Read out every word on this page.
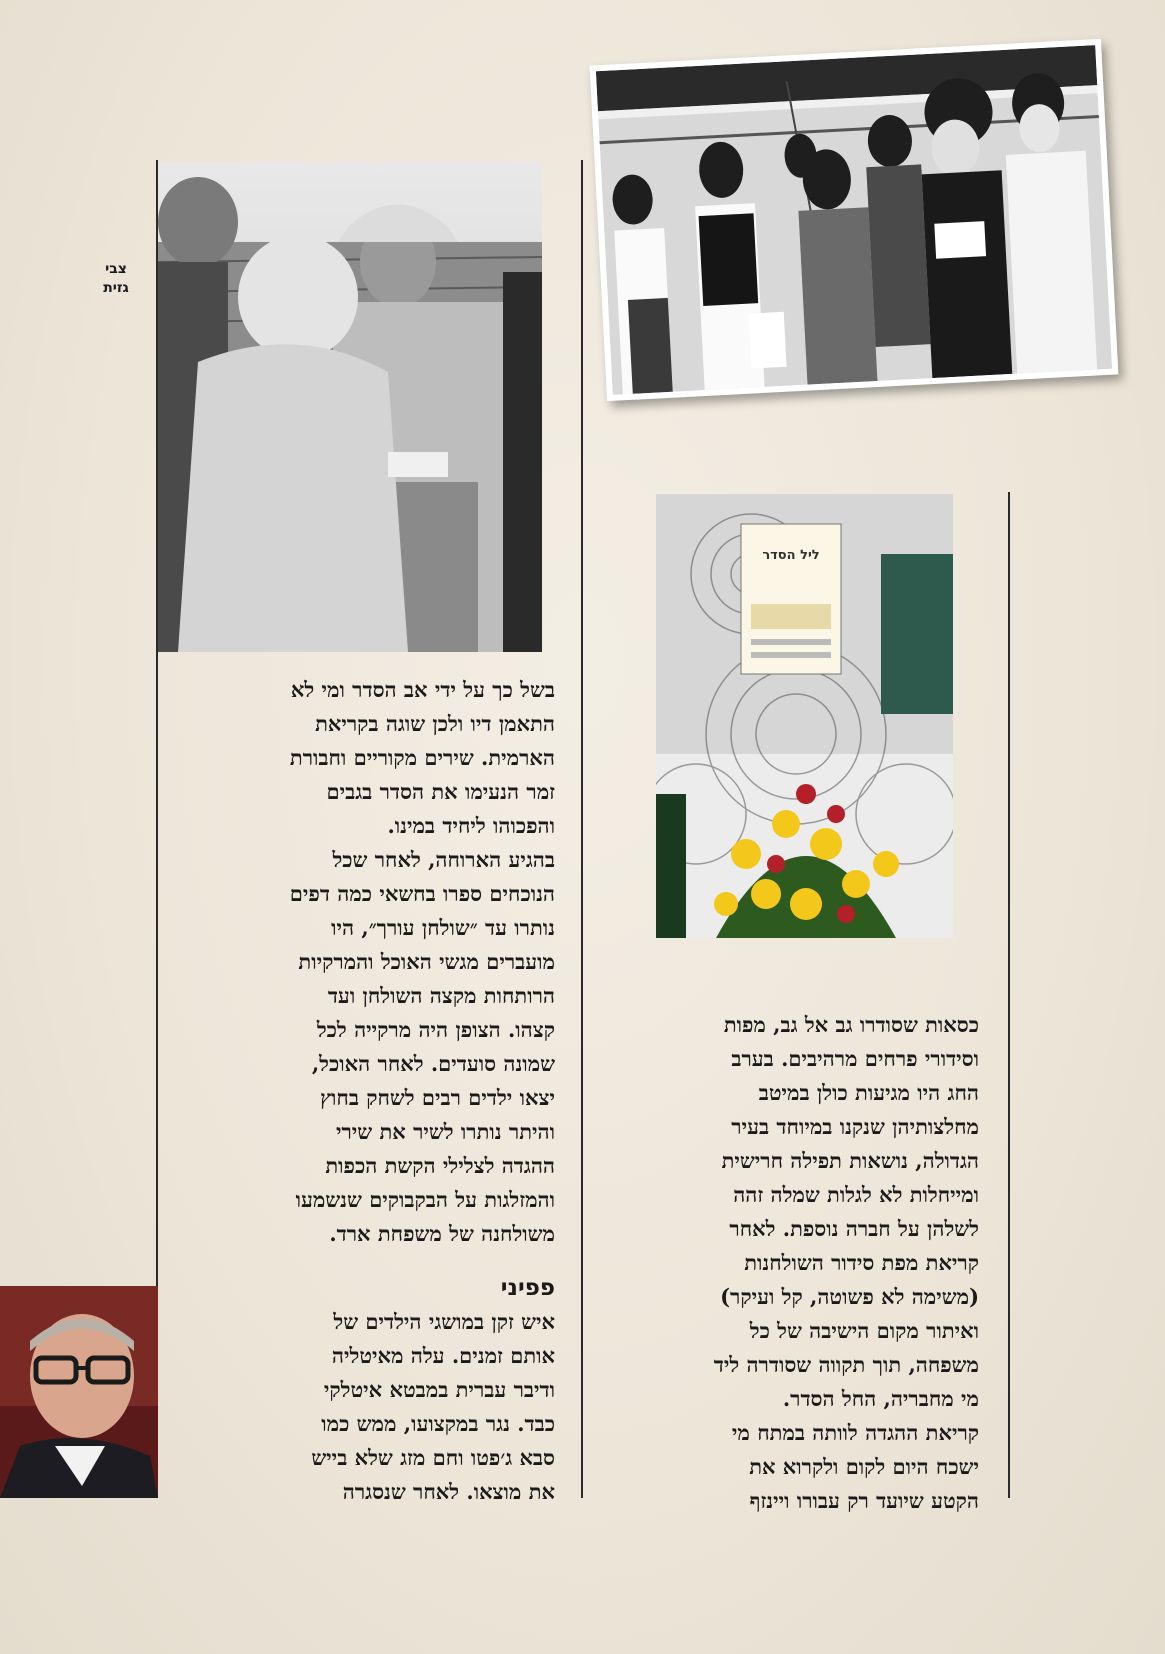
צבי
גזית
ליל הסדר
כסאות שסודרו גב אל גב, מפות
וסידורי פרחים מרהיבים. בערב
החג היו מגיעות כולן במיטב
מחלצותיהן שנקנו במיוחד בעיר
הגדולה, נושאות תפילה חרישית
ומייחלות לא לגלות שמלה זהה
לשלהן על חברה נוספת. לאחר
קריאת מפת סידור השולחנות
(משימה לא פשוטה, קל ועיקר)
ואיתור מקום הישיבה של כל
משפחה, תוך תקווה שסודרה ליד
מי מחבריה, החל הסדר.
קריאת ההגדה לוותה במתח מי
ישכח היום לקום ולקרוא את
הקטע שיועד רק עבורו ויינזף
בשל כך על ידי אב הסדר ומי לא
התאמן דיו ולכן שוגה בקריאת
הארמית. שירים מקוריים וחבורת
זמר הנעימו את הסדר בגבים
והפכוהו ליחיד במינו.
בהגיע הארוחה, לאחר שכל
הנוכחים ספרו בחשאי כמה דפים
נותרו עד ״שולחן עורך״, היו
מועברים מגשי האוכל והמרקיות
הרותחות מקצה השולחן ועד
קצהו. הצופן היה מרקייה לכל
שמונה סועדים. לאחר האוכל,
יצאו ילדים רבים לשחק בחוץ
והיתר נותרו לשיר את שירי
ההגדה לצלילי הקשת הכפות
והמזלגות על הבקבוקים שנשמעו
משולחנה של משפחת ארד.
פפיני
איש זקן במושגי הילדים של
אותם זמנים. עלה מאיטליה
ודיבר עברית במבטא איטלקי
כבד. נגר במקצועו, ממש כמו
סבא ג׳פטו וחם מזג שלא בייש
את מוצאו. לאחר שנסגרה
